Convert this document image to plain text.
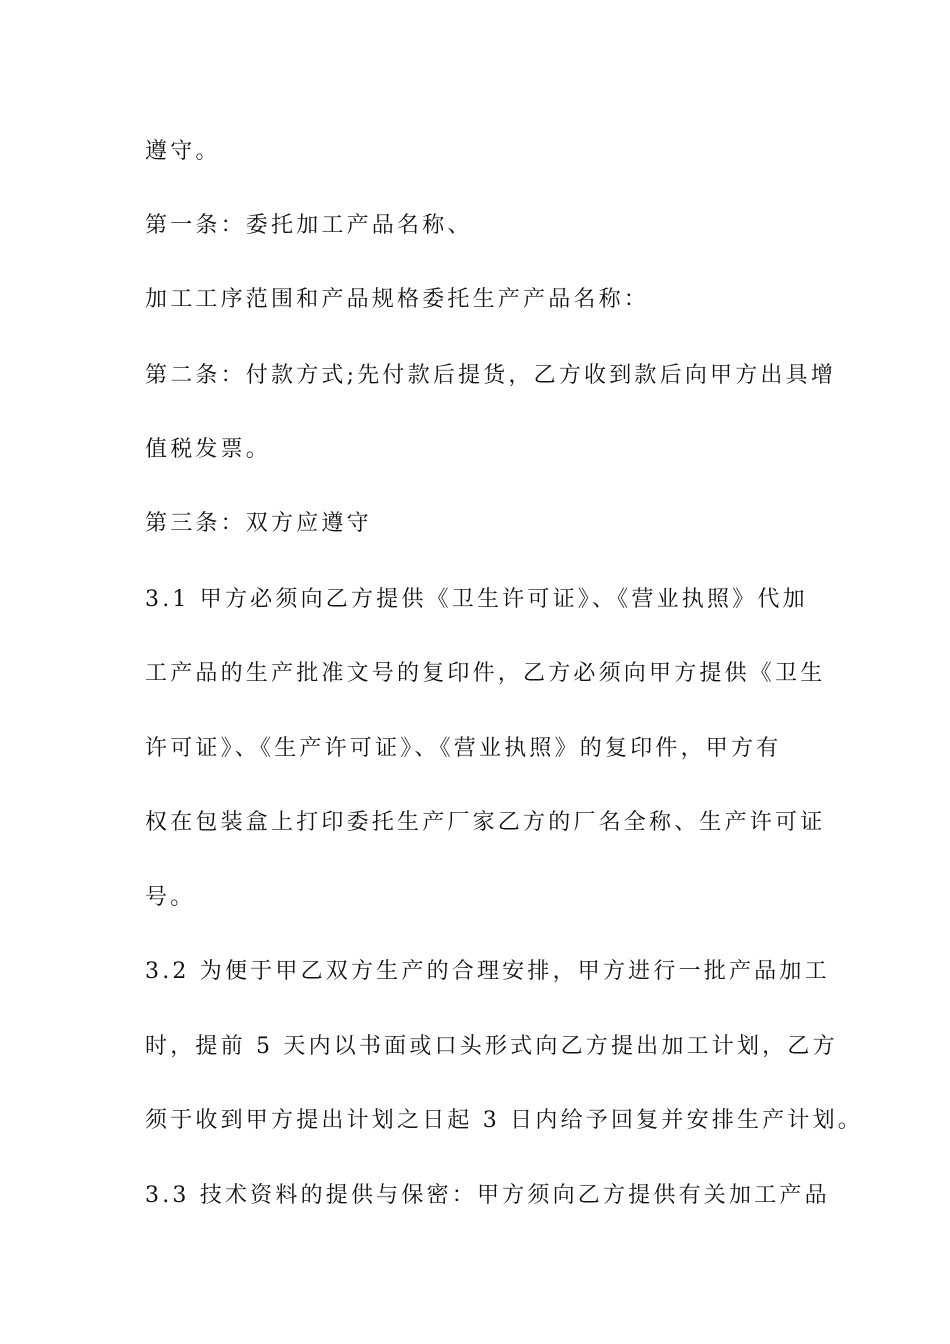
遵守。
第一条：委托加工产品名称、
加工工序范围和产品规格委托生产产品名称：
第二条：付款方式;先付款后提货，乙方收到款后向甲方出具增
值税发票。
第三条：双方应遵守
3.1 甲方必须向乙方提供《卫生许可证》、《营业执照》代加
工产品的生产批准文号的复印件，乙方必须向甲方提供《卫生
许可证》、《生产许可证》、《营业执照》的复印件，甲方有
权在包装盒上打印委托生产厂家乙方的厂名全称、生产许可证
号。
3.2 为便于甲乙双方生产的合理安排，甲方进行一批产品加工
时，提前 5 天内以书面或口头形式向乙方提出加工计划，乙方
须于收到甲方提出计划之日起 3 日内给予回复并安排生产计划。
3.3 技术资料的提供与保密：甲方须向乙方提供有关加工产品
